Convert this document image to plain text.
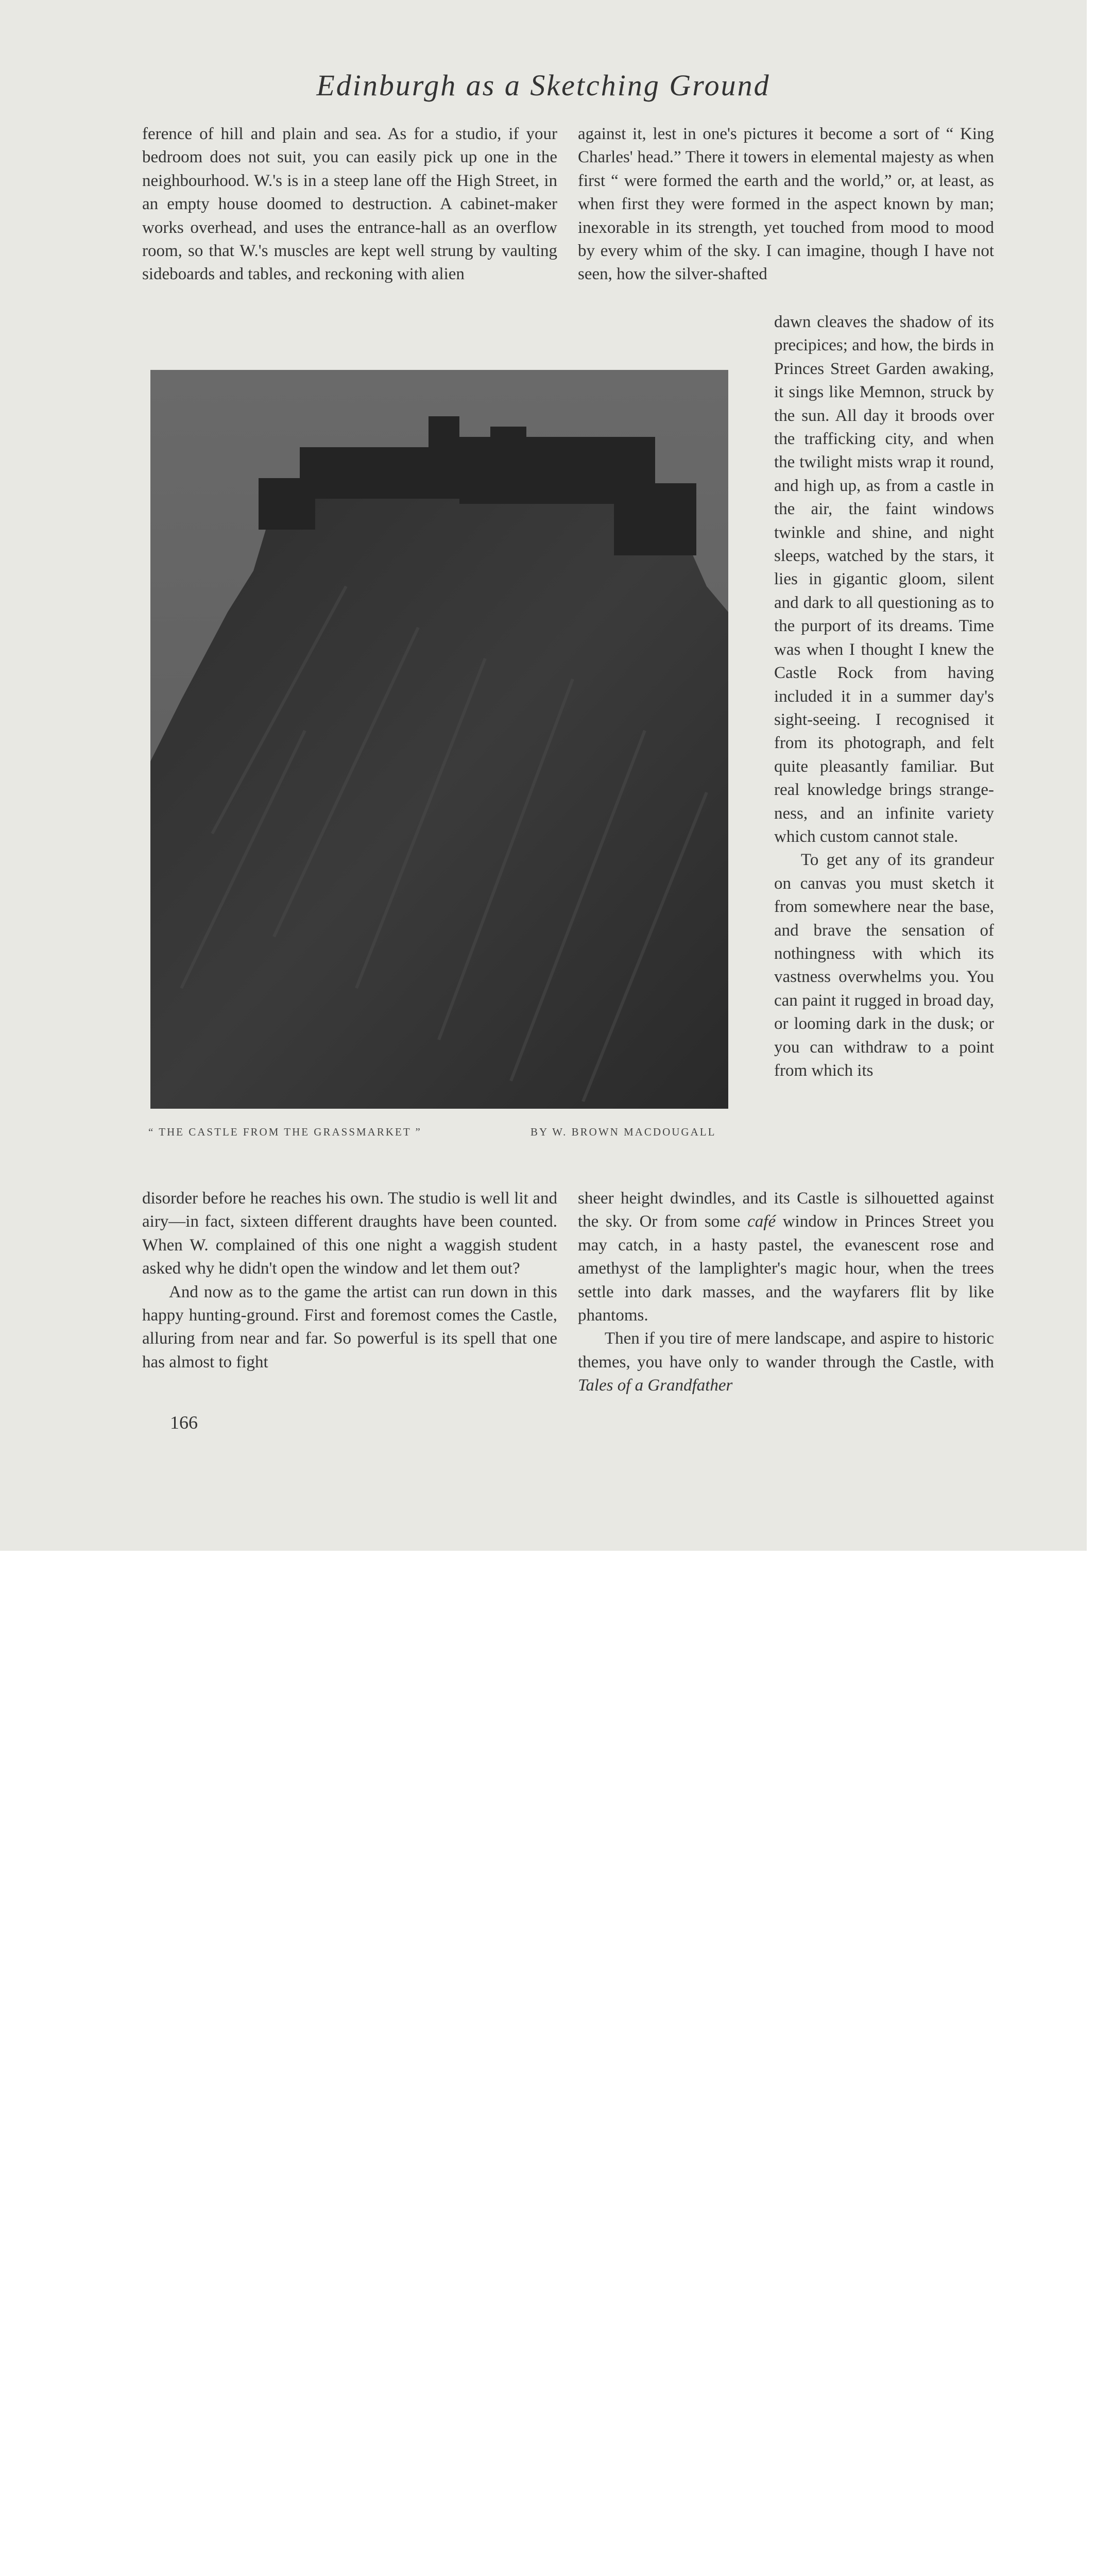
Edinburgh as a Sketching Ground

ference of hill and plain and sea. As for a studio, if your bedroom does not suit, you can easily pick up one in the neighbourhood. W.'s is in a steep lane off the High Street, in an empty house doomed to destruction. A cabinet-maker works overhead, and uses the entrance-hall as an overflow room, so that W.'s muscles are kept well strung by vaulting sideboards and tables, and reckoning with alien

against it, lest in one's pictures it become a sort of “ King Charles' head.” There it towers in elemental majesty as when first “ were formed the earth and the world,” or, at least, as when first they were formed in the aspect known by man; inexorable in its strength, yet touched from mood to mood by every whim of the sky. I can imagine, though I have not seen, how the silver-shafted

dawn cleaves the shadow of its precipices; and how, the birds in Princes Street Garden awaking, it sings like Memnon, struck by the sun. All day it broods over the trafficking city, and when the twilight mists wrap it round, and high up, as from a castle in the air, the faint windows twinkle and shine, and night sleeps, watched by the stars, it lies in gigantic gloom, silent and dark to all questioning as to the purport of its dreams. Time was when I thought I knew the Castle Rock from having included it in a summer day's sight-seeing. I recognised it from its photograph, and felt quite pleasantly familiar. But real knowledge brings strangeness, and an infinite variety which custom cannot stale.

To get any of its grandeur on canvas you must sketch it from somewhere near the base, and brave the sensation of nothingness with which its vastness overwhelms you. You can paint it rugged in broad day, or looming dark in the dusk; or you can withdraw to a point from which its

“ THE CASTLE FROM THE GRASSMARKET ”	BY W. BROWN MACDOUGALL

disorder before he reaches his own. The studio is well lit and airy—in fact, sixteen different draughts have been counted. When W. complained of this one night a waggish student asked why he didn't open the window and let them out?

And now as to the game the artist can run down in this happy hunting-ground. First and foremost comes the Castle, alluring from near and far. So powerful is its spell that one has almost to fight

sheer height dwindles, and its Castle is silhouetted against the sky. Or from some café window in Princes Street you may catch, in a hasty pastel, the evanescent rose and amethyst of the lamplighter's magic hour, when the trees settle into dark masses, and the wayfarers flit by like phantoms.

Then if you tire of mere landscape, and aspire to historic themes, you have only to wander through the Castle, with Tales of a Grandfather

166
